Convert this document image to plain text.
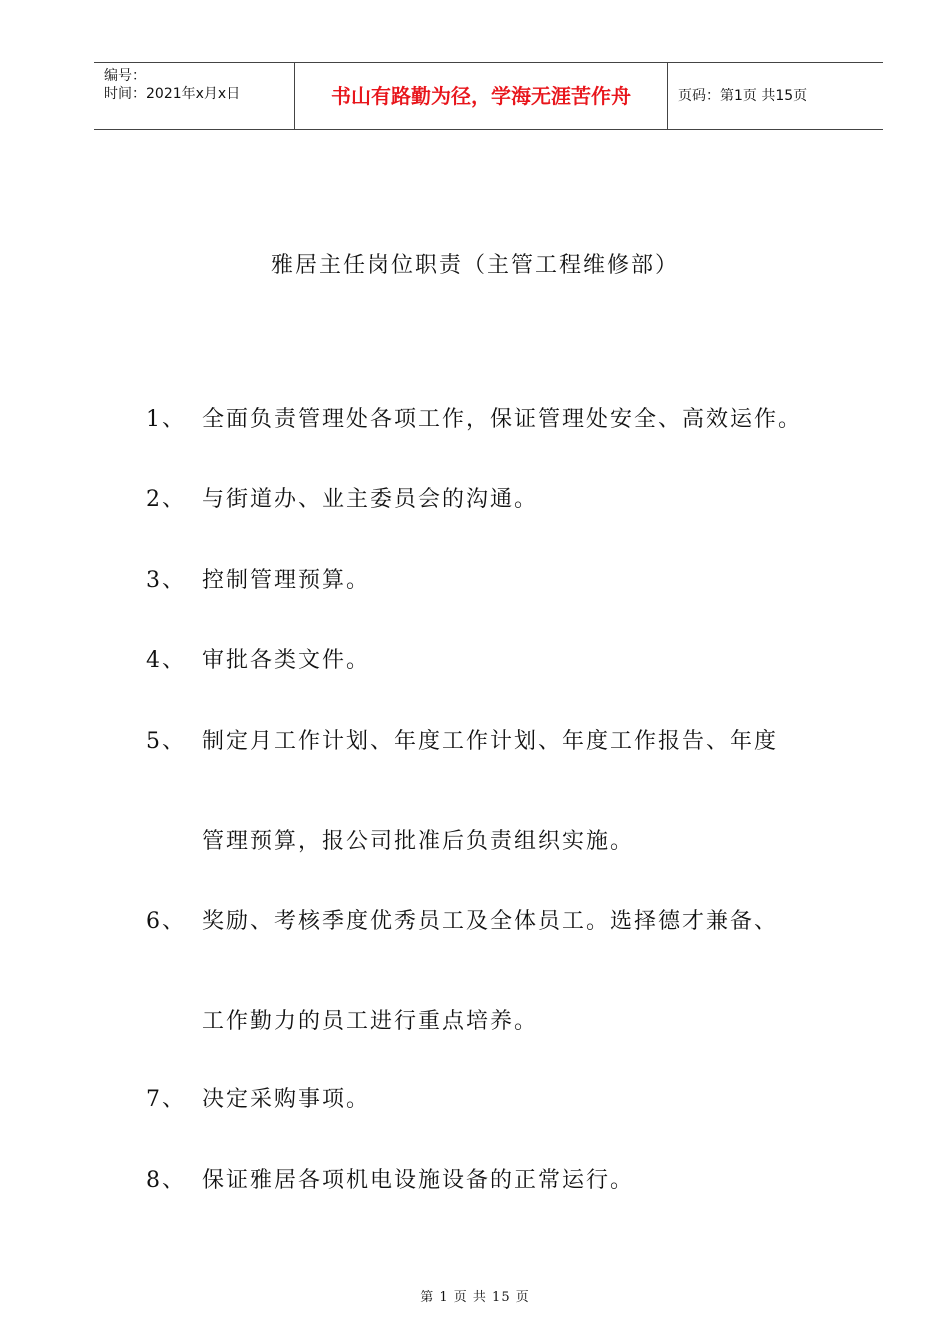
编号：
时间：2021年x月x日	书山有路勤为径，学海无涯苦作舟	页码：第1页 共15页
雅居主任岗位职责（主管工程维修部）
1、 全面负责管理处各项工作，保证管理处安全、高效运作。
2、 与街道办、业主委员会的沟通。
3、 控制管理预算。
4、 审批各类文件。
5、 制定月工作计划、年度工作计划、年度工作报告、年度
管理预算，报公司批准后负责组织实施。
6、 奖励、考核季度优秀员工及全体员工。选择德才兼备、
工作勤力的员工进行重点培养。
7、 决定采购事项。
8、 保证雅居各项机电设施设备的正常运行。
第 1 页 共 15 页
